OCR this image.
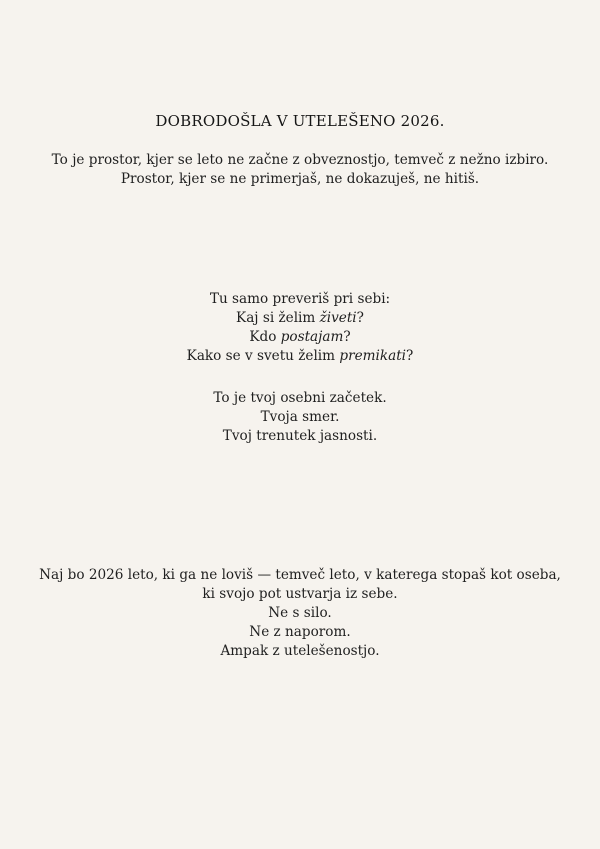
DOBRODOŠLA V UTELEŠENO 2026.
To je prostor, kjer se leto ne začne z obveznostjo, temveč z nežno izbiro.
Prostor, kjer se ne primerjaš, ne dokazuješ, ne hitiš.
Tu samo preveriš pri sebi:
Kaj si želim živeti?
Kdo postajam?
Kako se v svetu želim premikati?
To je tvoj osebni začetek.
Tvoja smer.
Tvoj trenutek jasnosti.
Naj bo 2026 leto, ki ga ne loviš — temveč leto, v katerega stopaš kot oseba,
ki svojo pot ustvarja iz sebe.
Ne s silo.
Ne z naporom.
Ampak z utelešenostjo.
